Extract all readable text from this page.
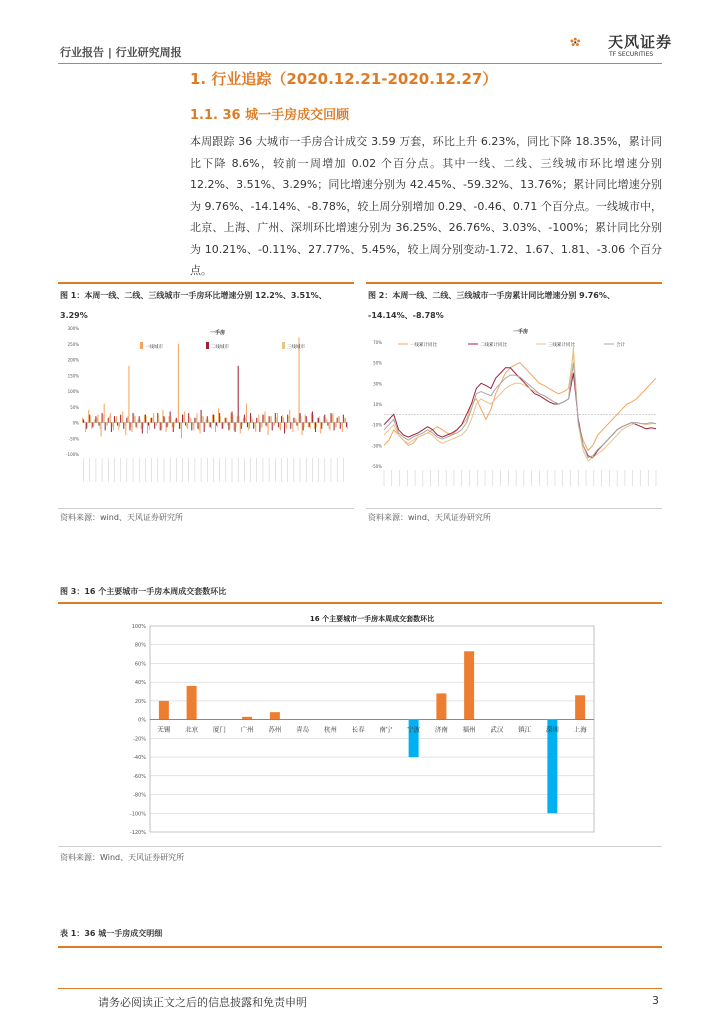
行业报告 | 行业研究周报
天风证券
TF SECURITIES
1. 行业追踪（2020.12.21-2020.12.27）
1.1. 36 城一手房成交回顾
本周跟踪 36 大城市一手房合计成交 3.59 万套，环比上升 6.23%，同比下降 18.35%，累计同比下降 8.6%，较前一周增加 0.02 个百分点。其中一线、二线、三线城市环比增速分别 12.2%、3.51%、3.29%；同比增速分别为 42.45%、-59.32%、13.76%；累计同比增速分别为 9.76%、-14.14%、-8.78%，较上周分别增加 0.29、-0.46、0.71 个百分点。一线城市中，北京、上海、广州、深圳环比增速分别为 36.25%、26.76%、3.03%、-100%；累计同比分别为 10.21%、-0.11%、27.77%、5.45%，较上周分别变动-1.72、1.67、1.81、-3.06 个百分点。
图 1：本周一线、二线、三线城市一手房环比增速分别 12.2%、3.51%、
3.29%
300%
250%
200%
150%
100%
50%
0%
-50%
-100%
一手房
一线城市	二线城市	三线城市
资料来源：wind、天风证券研究所
图 2：本周一线、二线、三线城市一手房累计同比增速分别 9.76%、
-14.14%、-8.78%
70%
50%
30%
10%
-10%
-30%
-50%
一手房
一线累计同比	二线累计同比	三线累计同比	合计
资料来源：wind、天风证券研究所
图 3：16 个主要城市一手房本周成交套数环比
16 个主要城市一手房本周成交套数环比
100%
80%
60%
40%
20%
0%
-20%
-40%
-60%
-80%
-100%
-120%
无锡 北京 厦门 广州 苏州 青岛 杭州 长春 南宁 宁波 济南 福州 武汉 镇江 深圳 上海
资料来源：Wind、天风证券研究所
表 1：36 城一手房成交明细
请务必阅读正文之后的信息披露和免责申明	3
